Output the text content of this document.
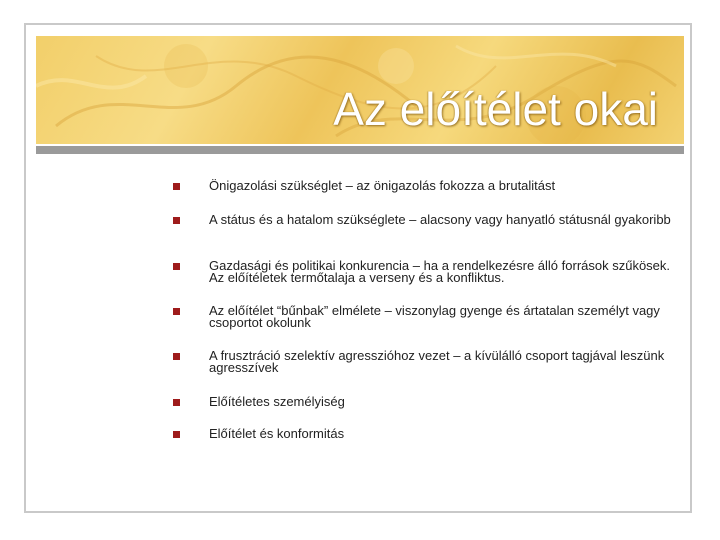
Az előítélet okai
Önigazolási szükséglet – az önigazolás fokozza a brutalitást
A státus és a hatalom szükséglete – alacsony vagy hanyatló státusnál gyakoribb
Gazdasági és politikai konkurencia – ha a rendelkezésre álló források szűkösek. Az előítéletek termőtalaja a verseny és a konfliktus.
Az előítélet “bűnbak” elmélete – viszonylag gyenge és ártatalan személyt vagy csoportot okolunk
A frusztráció szelektív agresszióhoz vezet – a kívülálló csoport tagjával leszünk agresszívek
Előítéletes személyiség
Előítélet és konformitás
